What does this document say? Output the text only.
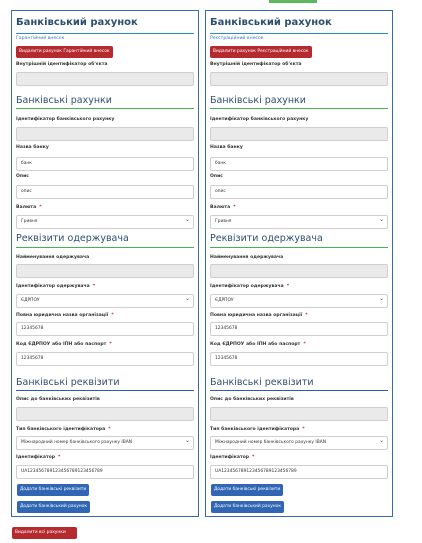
Банківський рахунок
Гарантійний внесок
Видалити рахунок Гарантійний внесок
Внутрішній ідентифікатор об'єкта
Банківські рахунки
Ідентифікатор банківського рахунку
Назва банку
банк
Опис
опис
Валюта *
Гривня ⌄
Реквізити одержувача
Найменування одержувача
Ідентифікатор одержувача *
ЄДРПОУ ⌄
Повна юридична назва організації *
12345678
Код ЄДРПОУ або ІПН або паспорт *
12345678
Банківські реквізити
Опис до банківських реквізитів
Тип банківського ідентифікатора *
Міжнародний номер банківського рахунку IBAN ⌄
Ідентифікатор *
UA123456789123456789123456789
Додати банківські реквізити
Додати банківський рахунок
Банківський рахунок
Реєстраційний внесок
Видалити рахунок Реєстраційний внесок
Внутрішній ідентифікатор об'єкта
Банківські рахунки
Ідентифікатор банківського рахунку
Назва банку
банк
Опис
опис
Валюта *
Гривня ⌄
Реквізити одержувача
Найменування одержувача
Ідентифікатор одержувача *
ЄДРПОУ ⌄
Повна юридична назва організації *
12345678
Код ЄДРПОУ або ІПН або паспорт *
12345678
Банківські реквізити
Опис до банківських реквізитів
Тип банківського ідентифікатора *
Міжнародний номер банківського рахунку IBAN ⌄
Ідентифікатор *
UA123456789123456789123456789
Додати банківські реквізити
Додати банківський рахунок
Видалити всі рахунки
